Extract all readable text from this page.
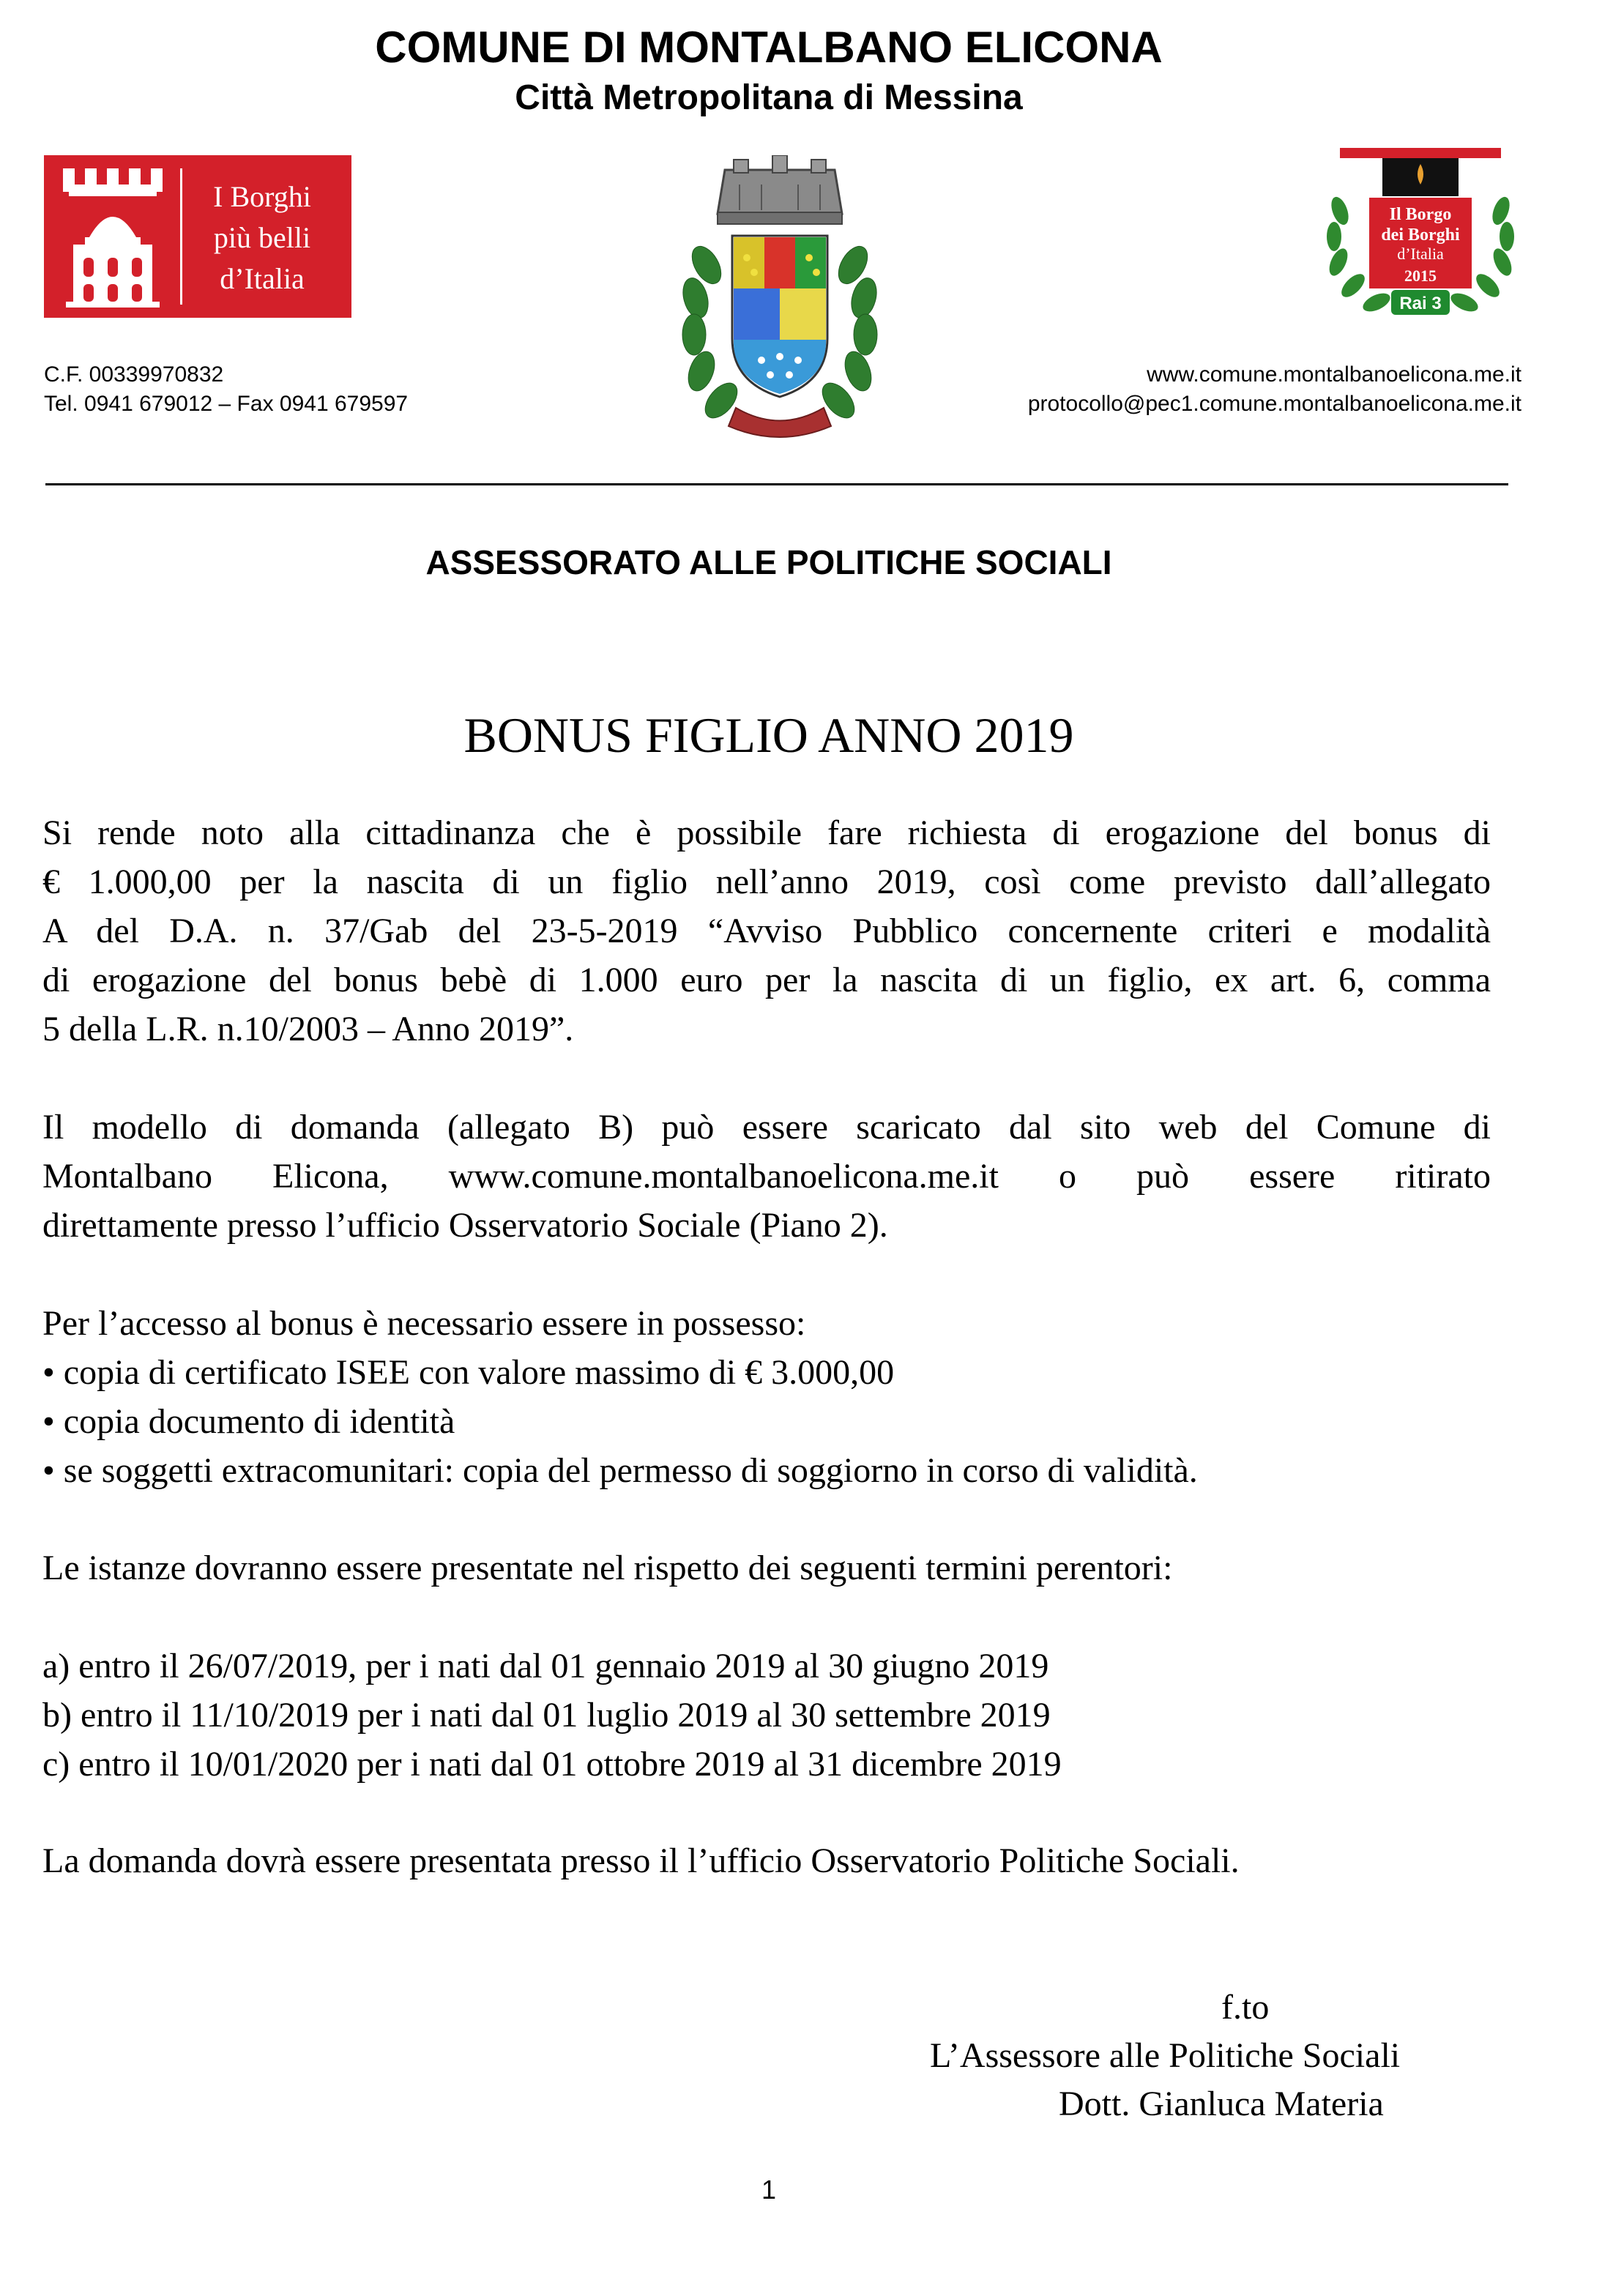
COMUNE DI MONTALBANO ELICONA
Città Metropolitana di Messina
I Borghi
più belli
d’Italia
Il Borgo
dei Borghi
d’Italia
2015
Rai 3
C.F. 00339970832
Tel. 0941 679012 – Fax 0941 679597
www.comune.montalbanoelicona.me.it
protocollo@pec1.comune.montalbanoelicona.me.it
ASSESSORATO ALLE POLITICHE SOCIALI
BONUS FIGLIO ANNO 2019

Si rende noto alla cittadinanza che è possibile fare richiesta di erogazione del bonus di

€ 1.000,00 per la nascita di un figlio nell’anno 2019, così come previsto dall’allegato

A del D.A. n. 37/Gab del 23-5-2019 “Avviso Pubblico concernente criteri e modalità

di erogazione del bonus bebè di 1.000 euro per la nascita di un figlio, ex art. 6, comma

5 della L.R. n.10/2003 – Anno 2019”.

Il modello di domanda (allegato B) può essere scaricato dal sito web del Comune di

Montalbano Elicona, www.comune.montalbanoelicona.me.it o può essere ritirato

direttamente presso l’ufficio Osservatorio Sociale (Piano 2).

Per l’accesso al bonus è necessario essere in possesso:

• copia di certificato ISEE con valore massimo di € 3.000,00

• copia documento di identità

• se soggetti extracomunitari: copia del permesso di soggiorno in corso di validità.

Le istanze dovranno essere presentate nel rispetto dei seguenti termini perentori:

a) entro il 26/07/2019, per i nati dal 01 gennaio 2019 al 30 giugno 2019

b) entro il 11/10/2019 per i nati dal 01 luglio 2019 al 30 settembre 2019

c) entro il 10/01/2020 per i nati dal 01 ottobre 2019 al 31 dicembre 2019

La domanda dovrà essere presentata presso il l’ufficio Osservatorio Politiche Sociali.

f.to
L’Assessore alle Politiche Sociali
Dott. Gianluca Materia
1
